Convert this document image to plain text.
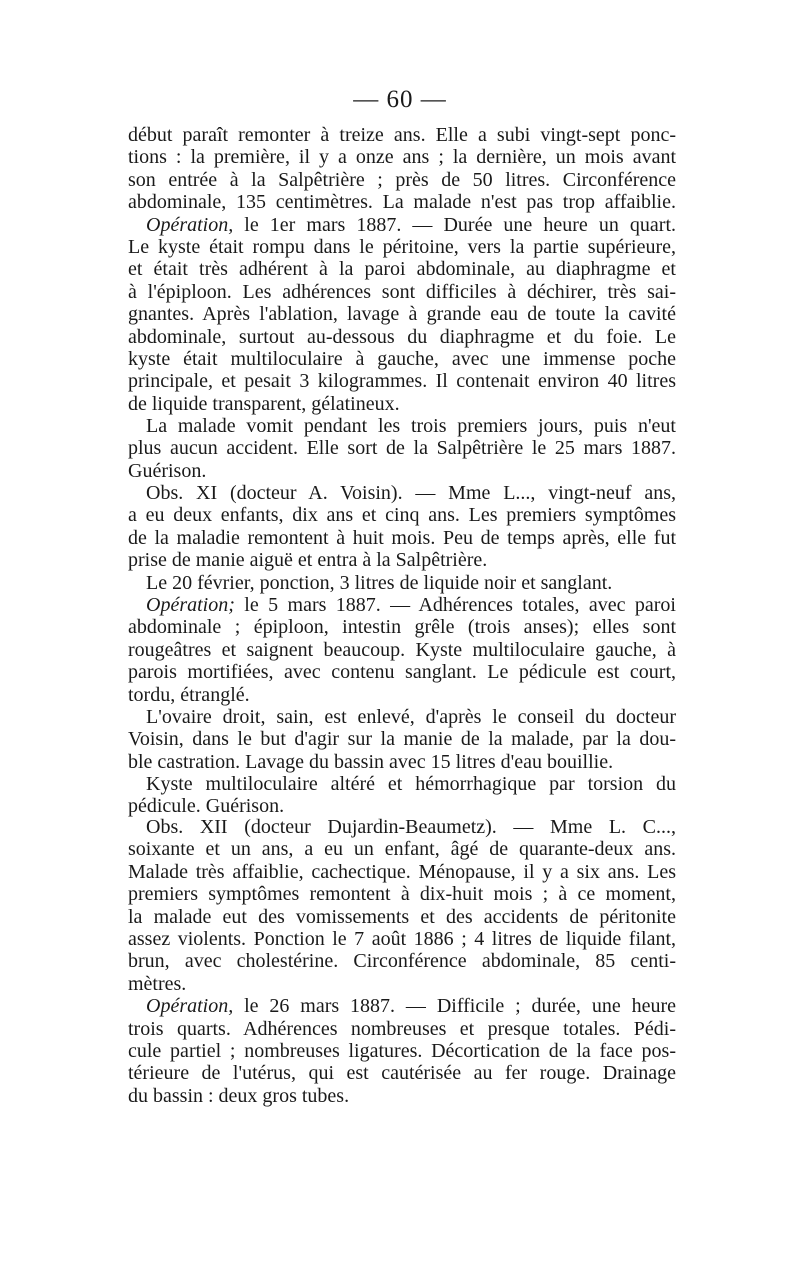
— 60 —
début paraît remonter à treize ans. Elle a subi vingt-sept ponc-
tions : la première, il y a onze ans ; la dernière, un mois avant
son entrée à la Salpêtrière ; près de 50 litres. Circonférence
abdominale, 135 centimètres. La malade n'est pas trop affaiblie.
Opération, le 1er mars 1887. — Durée une heure un quart.
Le kyste était rompu dans le péritoine, vers la partie supérieure,
et était très adhérent à la paroi abdominale, au diaphragme et
à l'épiploon. Les adhérences sont difficiles à déchirer, très sai-
gnantes. Après l'ablation, lavage à grande eau de toute la cavité
abdominale, surtout au-dessous du diaphragme et du foie. Le
kyste était multiloculaire à gauche, avec une immense poche
principale, et pesait 3 kilogrammes. Il contenait environ 40 litres
de liquide transparent, gélatineux.
La malade vomit pendant les trois premiers jours, puis n'eut
plus aucun accident. Elle sort de la Salpêtrière le 25 mars 1887.
Guérison.
Obs. XI (docteur A. Voisin). — Mme L..., vingt-neuf ans,
a eu deux enfants, dix ans et cinq ans. Les premiers symptômes
de la maladie remontent à huit mois. Peu de temps après, elle fut
prise de manie aiguë et entra à la Salpêtrière.
Le 20 février, ponction, 3 litres de liquide noir et sanglant.
Opération; le 5 mars 1887. — Adhérences totales, avec paroi
abdominale ; épiploon, intestin grêle (trois anses); elles sont
rougeâtres et saignent beaucoup. Kyste multiloculaire gauche, à
parois mortifiées, avec contenu sanglant. Le pédicule est court,
tordu, étranglé.
L'ovaire droit, sain, est enlevé, d'après le conseil du docteur
Voisin, dans le but d'agir sur la manie de la malade, par la dou-
ble castration. Lavage du bassin avec 15 litres d'eau bouillie.
Kyste multiloculaire altéré et hémorrhagique par torsion du
pédicule. Guérison.
Obs. XII (docteur Dujardin-Beaumetz). — Mme L. C...,
soixante et un ans, a eu un enfant, âgé de quarante-deux ans.
Malade très affaiblie, cachectique. Ménopause, il y a six ans. Les
premiers symptômes remontent à dix-huit mois ; à ce moment,
la malade eut des vomissements et des accidents de péritonite
assez violents. Ponction le 7 août 1886 ; 4 litres de liquide filant,
brun, avec cholestérine. Circonférence abdominale, 85 centi-
mètres.
Opération, le 26 mars 1887. — Difficile ; durée, une heure
trois quarts. Adhérences nombreuses et presque totales. Pédi-
cule partiel ; nombreuses ligatures. Décortication de la face pos-
térieure de l'utérus, qui est cautérisée au fer rouge. Drainage
du bassin : deux gros tubes.
